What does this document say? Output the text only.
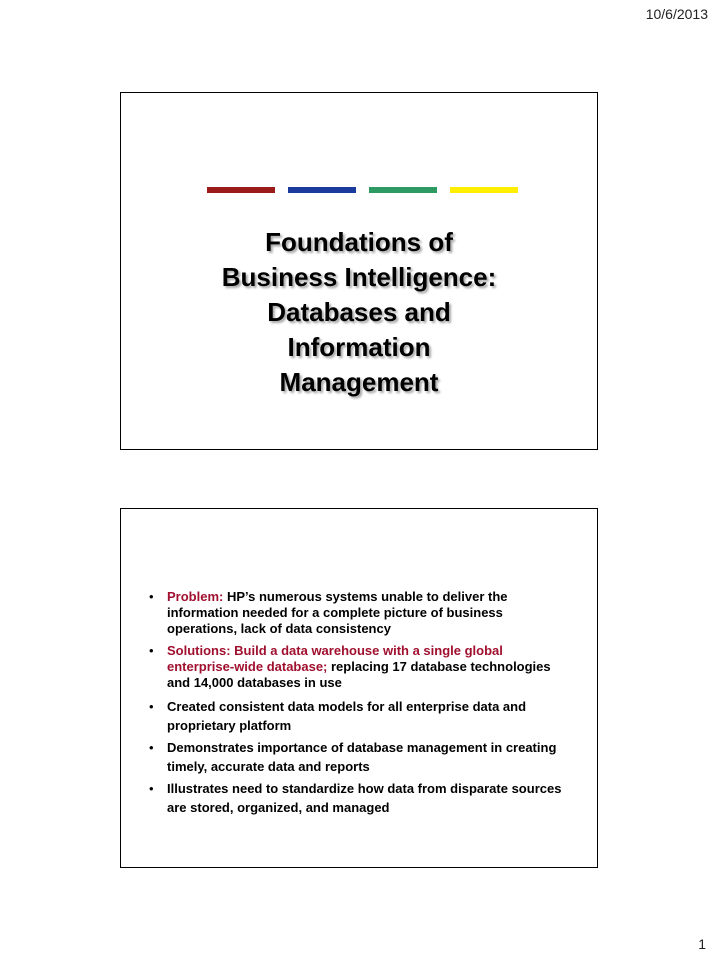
10/6/2013
Foundations of
Business Intelligence:
Databases and
Information
Management
• Problem: HP’s numerous systems unable to deliver the information needed for a complete picture of business operations, lack of data consistency
• Solutions: Build a data warehouse with a single global enterprise-wide database; replacing 17 database technologies and 14,000 databases in use
• Created consistent data models for all enterprise data and proprietary platform
• Demonstrates importance of database management in creating timely, accurate data and reports
• Illustrates need to standardize how data from disparate sources are stored, organized, and managed
1
